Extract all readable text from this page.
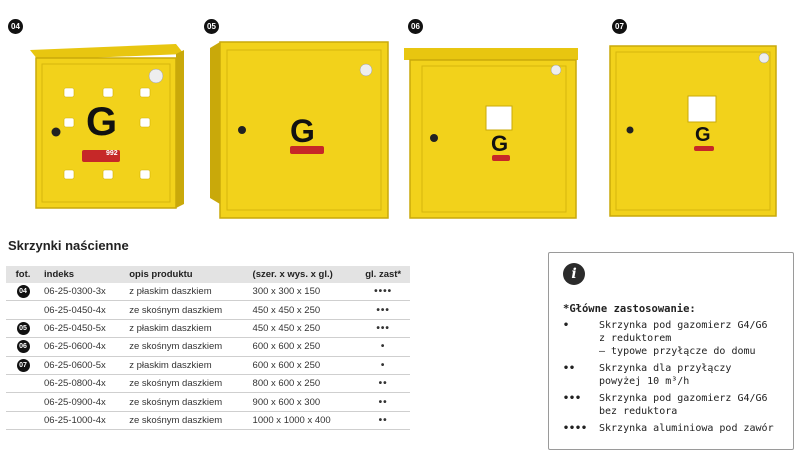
04
G
992
05
G
06
G
07
G
Skrzynki naścienne
fot.	indeks	opis produktu	(szer. x wys. x gl.)	gl. zast*
04	06-25-0300-3x	z płaskim daszkiem	300 x 300 x 150	••••
	06-25-0450-4x	ze skośnym daszkiem	450 x 450 x 250	•••
05	06-25-0450-5x	z płaskim daszkiem	450 x 450 x 250	•••
06	06-25-0600-4x	ze skośnym daszkiem	600 x 600 x 250	•
07	06-25-0600-5x	z płaskim daszkiem	600 x 600 x 250	•
	06-25-0800-4x	ze skośnym daszkiem	800 x 600 x 250	••
	06-25-0900-4x	ze skośnym daszkiem	900 x 600 x 300	••
	06-25-1000-4x	ze skośnym daszkiem	1000 x 1000 x 400	••
i
*Główne zastosowanie:
•	Skrzynka pod gazomierz G4/G6
z reduktorem
– typowe przyłącze do domu
••	Skrzynka dla przyłączy
powyżej 10 m³/h
•••	Skrzynka pod gazomierz G4/G6
bez reduktora
••••	Skrzynka aluminiowa pod zawór
